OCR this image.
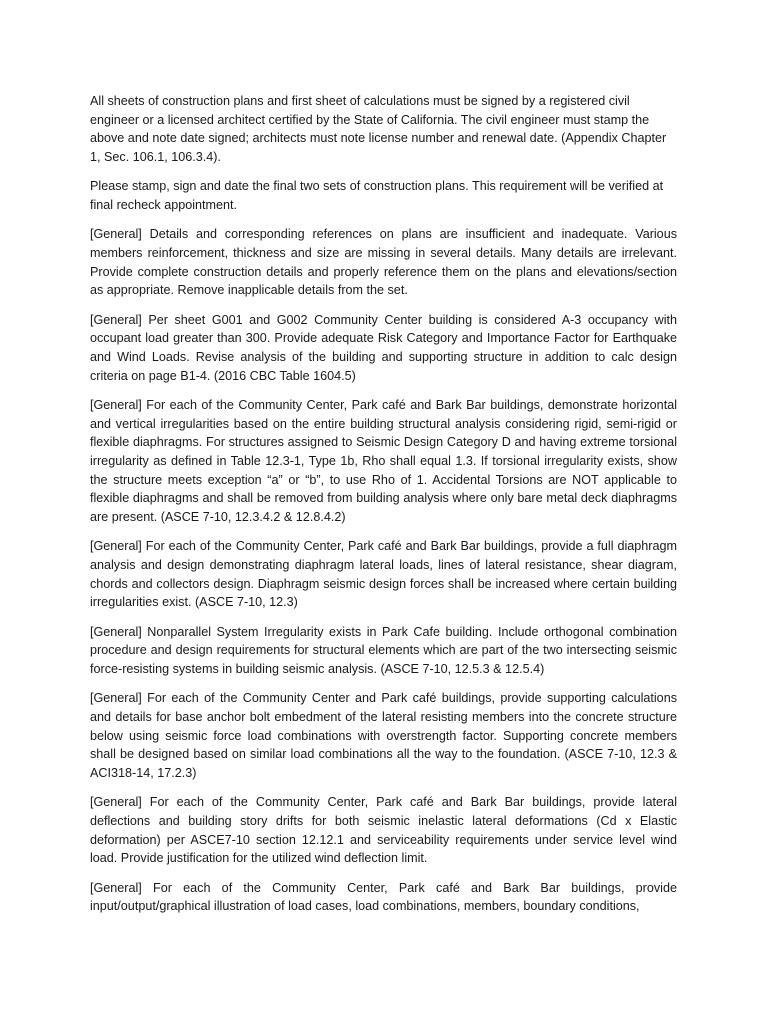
All sheets of construction plans and first sheet of calculations must be signed by a registered civil engineer or a licensed architect certified by the State of California. The civil engineer must stamp the above and note date signed; architects must note license number and renewal date. (Appendix Chapter 1, Sec. 106.1, 106.3.4).

Please stamp, sign and date the final two sets of construction plans. This requirement will be verified at final recheck appointment.

[General] Details and corresponding references on plans are insufficient and inadequate. Various members reinforcement, thickness and size are missing in several details. Many details are irrelevant. Provide complete construction details and properly reference them on the plans and elevations/section as appropriate. Remove inapplicable details from the set.

[General] Per sheet G001 and G002 Community Center building is considered A-3 occupancy with occupant load greater than 300. Provide adequate Risk Category and Importance Factor for Earthquake and Wind Loads. Revise analysis of the building and supporting structure in addition to calc design criteria on page B1-4. (2016 CBC Table 1604.5)

[General] For each of the Community Center, Park café and Bark Bar buildings, demonstrate horizontal and vertical irregularities based on the entire building structural analysis considering rigid, semi-rigid or flexible diaphragms. For structures assigned to Seismic Design Category D and having extreme torsional irregularity as defined in Table 12.3-1, Type 1b, Rho shall equal 1.3. If torsional irregularity exists, show the structure meets exception “a” or “b”, to use Rho of 1. Accidental Torsions are NOT applicable to flexible diaphragms and shall be removed from building analysis where only bare metal deck diaphragms are present. (ASCE 7-10, 12.3.4.2 & 12.8.4.2)

[General] For each of the Community Center, Park café and Bark Bar buildings, provide a full diaphragm analysis and design demonstrating diaphragm lateral loads, lines of lateral resistance, shear diagram, chords and collectors design. Diaphragm seismic design forces shall be increased where certain building irregularities exist. (ASCE 7-10, 12.3)

[General] Nonparallel System Irregularity exists in Park Cafe building. Include orthogonal combination procedure and design requirements for structural elements which are part of the two intersecting seismic force-resisting systems in building seismic analysis. (ASCE 7-10, 12.5.3 & 12.5.4)

[General] For each of the Community Center and Park café buildings, provide supporting calculations and details for base anchor bolt embedment of the lateral resisting members into the concrete structure below using seismic force load combinations with overstrength factor. Supporting concrete members shall be designed based on similar load combinations all the way to the foundation. (ASCE 7-10, 12.3 & ACI318-14, 17.2.3)

[General] For each of the Community Center, Park café and Bark Bar buildings, provide lateral deflections and building story drifts for both seismic inelastic lateral deformations (Cd x Elastic deformation) per ASCE7-10 section 12.12.1 and serviceability requirements under service level wind load. Provide justification for the utilized wind deflection limit.

[General] For each of the Community Center, Park café and Bark Bar buildings, provide input/output/graphical illustration of load cases, load combinations, members, boundary conditions,
